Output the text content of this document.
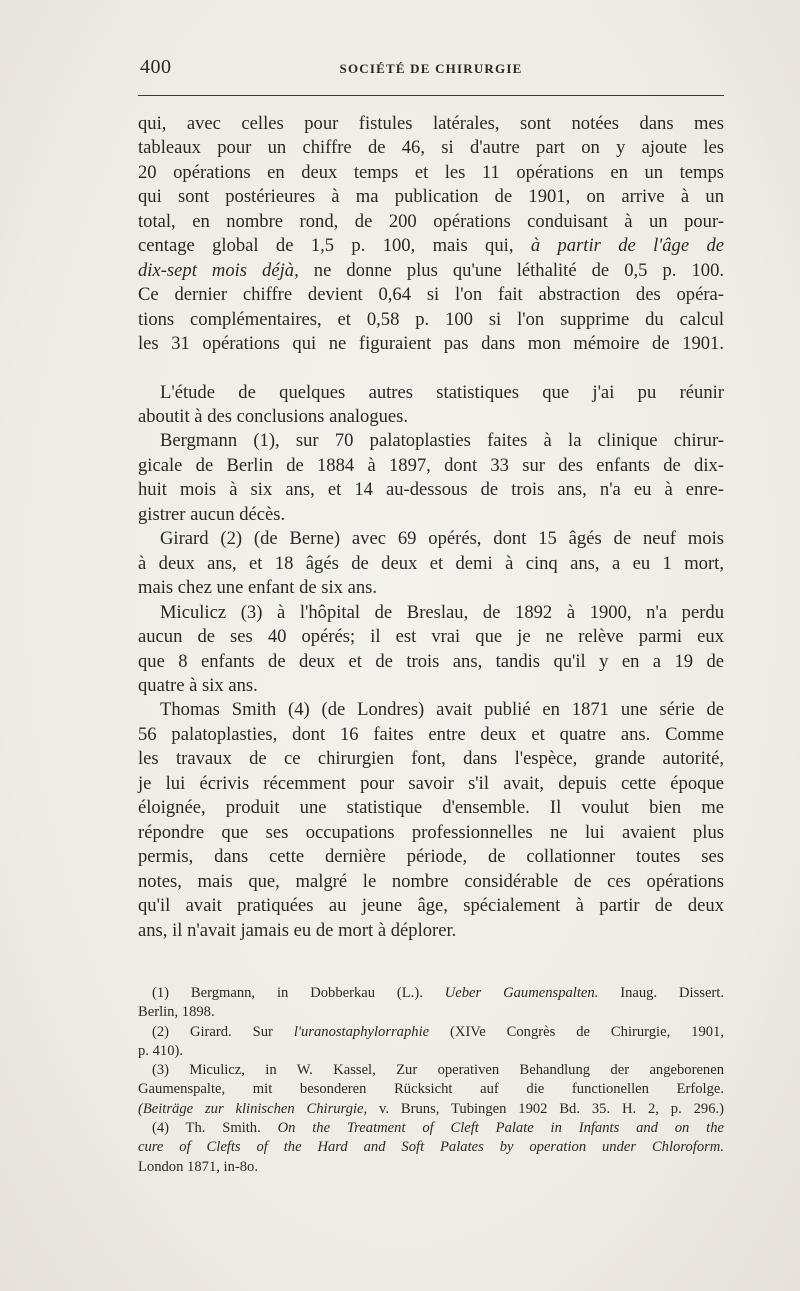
400	SOCIÉTÉ DE CHIRURGIE
qui, avec celles pour fistules latérales, sont notées dans mes
tableaux pour un chiffre de 46, si d'autre part on y ajoute les
20 opérations en deux temps et les 11 opérations en un temps
qui sont postérieures à ma publication de 1901, on arrive à un
total, en nombre rond, de 200 opérations conduisant à un pour-
centage global de 1,5 p. 100, mais qui, à partir de l'âge de
dix-sept mois déjà, ne donne plus qu'une léthalité de 0,5 p. 100.
Ce dernier chiffre devient 0,64 si l'on fait abstraction des opéra-
tions complémentaires, et 0,58 p. 100 si l'on supprime du calcul
les 31 opérations qui ne figuraient pas dans mon mémoire de 1901.
L'étude de quelques autres statistiques que j'ai pu réunir
aboutit à des conclusions analogues.
Bergmann (1), sur 70 palatoplasties faites à la clinique chirur-
gicale de Berlin de 1884 à 1897, dont 33 sur des enfants de dix-
huit mois à six ans, et 14 au-dessous de trois ans, n'a eu à enre-
gistrer aucun décès.
Girard (2) (de Berne) avec 69 opérés, dont 15 âgés de neuf mois
à deux ans, et 18 âgés de deux et demi à cinq ans, a eu 1 mort,
mais chez une enfant de six ans.
Miculicz (3) à l'hôpital de Breslau, de 1892 à 1900, n'a perdu
aucun de ses 40 opérés; il est vrai que je ne relève parmi eux
que 8 enfants de deux et de trois ans, tandis qu'il y en a 19 de
quatre à six ans.
Thomas Smith (4) (de Londres) avait publié en 1871 une série de
56 palatoplasties, dont 16 faites entre deux et quatre ans. Comme
les travaux de ce chirurgien font, dans l'espèce, grande autorité,
je lui écrivis récemment pour savoir s'il avait, depuis cette époque
éloignée, produit une statistique d'ensemble. Il voulut bien me
répondre que ses occupations professionnelles ne lui avaient plus
permis, dans cette dernière période, de collationner toutes ses
notes, mais que, malgré le nombre considérable de ces opérations
qu'il avait pratiquées au jeune âge, spécialement à partir de deux
ans, il n'avait jamais eu de mort à déplorer.
(1) Bergmann, in Dobberkau (L.). Ueber Gaumenspalten. Inaug. Dissert.
Berlin, 1898.
(2) Girard. Sur l'uranostaphylorraphie (XIVe Congrès de Chirurgie, 1901,
p. 410).
(3) Miculicz, in W. Kassel, Zur operativen Behandlung der angeborenen
Gaumenspalte, mit besonderen Rücksicht auf die functionellen Erfolge.
(Beiträge zur klinischen Chirurgie, v. Bruns, Tubingen 1902 Bd. 35. H. 2, p. 296.)
(4) Th. Smith. On the Treatment of Cleft Palate in Infants and on the
cure of Clefts of the Hard and Soft Palates by operation under Chloroform.
London 1871, in-8o.
